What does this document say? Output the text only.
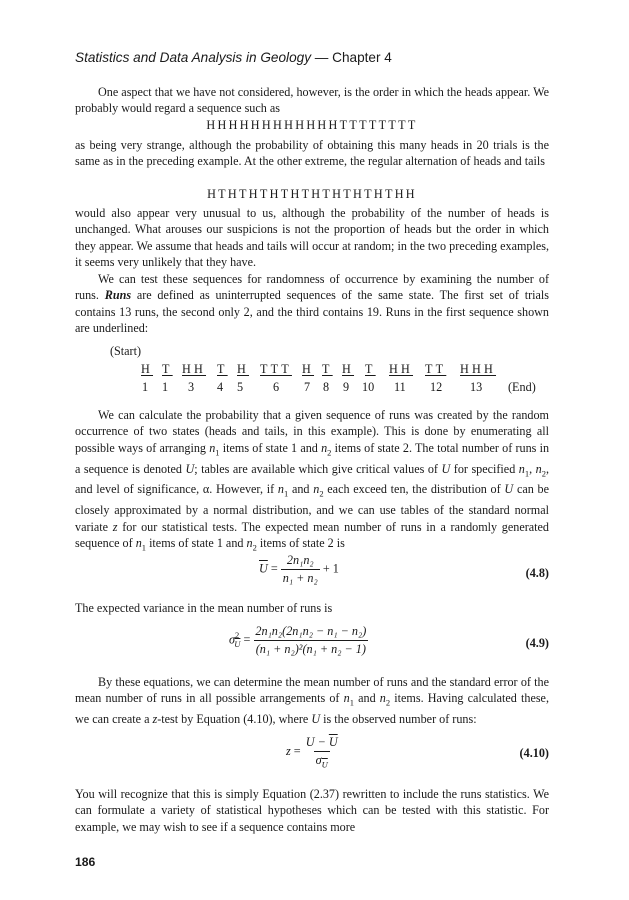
Statistics and Data Analysis in Geology — Chapter 4

One aspect that we have not considered, however, is the order in which the heads appear. We probably would regard a sequence such as

HHHHHHHHHHHHTTTTTTTT

as being very strange, although the probability of obtaining this many heads in 20 trials is the same as in the preceding example. At the other extreme, the regular alternation of heads and tails

HTHTHTHTHTHTHTHTHTHH

would also appear very unusual to us, although the probability of the number of heads is unchanged. What arouses our suspicions is not the proportion of heads but the order in which they appear. We assume that heads and tails will occur at random; in the two preceding examples, it seems very unlikely that they have.

We can test these sequences for randomness of occurrence by examining the number of runs. Runs are defined as uninterrupted sequences of the same state. The first set of trials contains 13 runs, the second only 2, and the third contains 19. Runs in the first sequence shown are underlined:

(Start)
H T HH T H TTT H T H T HH TT HHH
1 1 3 4 5 6 7 8 9 10 11 12 13 (End)

We can calculate the probability that a given sequence of runs was created by the random occurrence of two states (heads and tails, in this example). This is done by enumerating all possible ways of arranging $n_1$ items of state 1 and $n_2$ items of state 2. The total number of runs in a sequence is denoted U; tables are available which give critical values of U for specified $n_1$, $n_2$, and level of significance, α. However, if $n_1$ and $n_2$ each exceed ten, the distribution of U can be closely approximated by a normal distribution, and we can use tables of the standard normal variate z for our statistical tests. The expected mean number of runs in a randomly generated sequence of $n_1$ items of state 1 and $n_2$ items of state 2 is

$\overline{U} = \frac{\text{2n₁n₂}}{\text{n₁ + n₂}} + 1$	(4.8)

The expected variance in the mean number of runs is

$\sigma^2_{\overline{U}} = \frac{\text{2n₁n₂(2n₁n₂ − n₁ − n₂)}}{\text{(n₁ + n₂)²(n₁ + n₂ − 1)}}$	(4.9)

By these equations, we can determine the mean number of runs and the standard error of the mean number of runs in all possible arrangements of $n_1$ and $n_2$ items. Having calculated these, we can create a z-test by Equation (4.10), where U is the observed number of runs:

$z = \frac{U - \overline{U}}{\sigma_{\overline{U}}}$	(4.10)

You will recognize that this is simply Equation (2.37) rewritten to include the runs statistics. We can formulate a variety of statistical hypotheses which can be tested with this statistic. For example, we may wish to see if a sequence contains more

186
